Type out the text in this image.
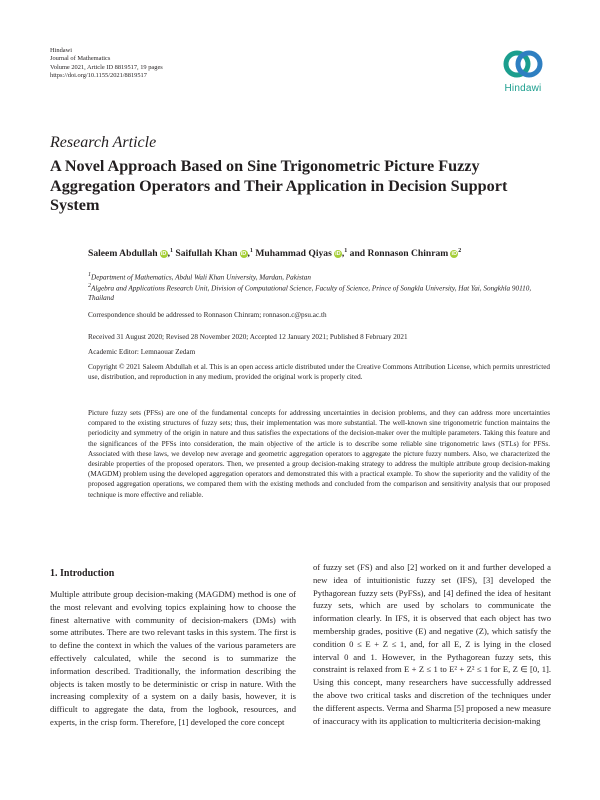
Hindawi
Journal of Mathematics
Volume 2021, Article ID 8819517, 19 pages
https://doi.org/10.1155/2021/8819517
Hindawi
Research Article
A Novel Approach Based on Sine Trigonometric Picture Fuzzy Aggregation Operators and Their Application in Decision Support System
Saleem Abdullah iD,$^1$ Saifullah Khan iD,$^1$ Muhammad Qiyas iD,$^1$ and Ronnason Chinram $iD^2$
$^1$Department of Mathematics, Abdul Wali Khan University, Mardan, Pakistan
$^2$Algebra and Applications Research Unit, Division of Computational Science, Faculty of Science, Prince of Songkla University, Hat Yai, Songkhla 90110, Thailand
Correspondence should be addressed to Ronnason Chinram; ronnason.c@psu.ac.th
Received 31 August 2020; Revised 28 November 2020; Accepted 12 January 2021; Published 8 February 2021
Academic Editor: Lemnaouar Zedam
Copyright © 2021 Saleem Abdullah et al. This is an open access article distributed under the Creative Commons Attribution License, which permits unrestricted use, distribution, and reproduction in any medium, provided the original work is properly cited.
Picture fuzzy sets (PFSs) are one of the fundamental concepts for addressing uncertainties in decision problems, and they can address more uncertainties compared to the existing structures of fuzzy sets; thus, their implementation was more substantial. The well-known sine trigonometric function maintains the periodicity and symmetry of the origin in nature and thus satisfies the expectations of the decision-maker over the multiple parameters. Taking this feature and the significances of the PFSs into consideration, the main objective of the article is to describe some reliable sine trigonometric laws (STLs) for PFSs. Associated with these laws, we develop new average and geometric aggregation operators to aggregate the picture fuzzy numbers. Also, we characterized the desirable properties of the proposed operators. Then, we presented a group decision-making strategy to address the multiple attribute group decision-making (MAGDM) problem using the developed aggregation operators and demonstrated this with a practical example. To show the superiority and the validity of the proposed aggregation operations, we compared them with the existing methods and concluded from the comparison and sensitivity analysis that our proposed technique is more effective and reliable.
1. Introduction

Multiple attribute group decision-making (MAGDM) method is one of the most relevant and evolving topics explaining how to choose the finest alternative with community of decision-makers (DMs) with some attributes. There are two relevant tasks in this system. The first is to define the context in which the values of the various parameters are effectively calculated, while the second is to summarize the information described. Traditionally, the information describing the objects is taken mostly to be deterministic or crisp in nature. With the increasing complexity of a system on a daily basis, however, it is difficult to aggregate the data, from the logbook, resources, and experts, in the crisp form. Therefore, [1] developed the core concept

of fuzzy set (FS) and also [2] worked on it and further developed a new idea of intuitionistic fuzzy set (IFS), [3] developed the Pythagorean fuzzy sets (PyFSs), and [4] defined the idea of hesitant fuzzy sets, which are used by scholars to communicate the information clearly. In IFS, it is observed that each object has two membership grades, positive (E) and negative (Z), which satisfy the condition 0 ≤ E + Z ≤ 1, and, for all E, Z is lying in the closed interval 0 and 1. However, in the Pythagorean fuzzy sets, this constraint is relaxed from E + Z ≤ 1 to E² + Z² ≤ 1 for E, Z ∈ [0, 1]. Using this concept, many researchers have successfully addressed the above two critical tasks and discretion of the techniques under the different aspects. Verma and Sharma [5] proposed a new measure of inaccuracy with its application to multicriteria decision-making
